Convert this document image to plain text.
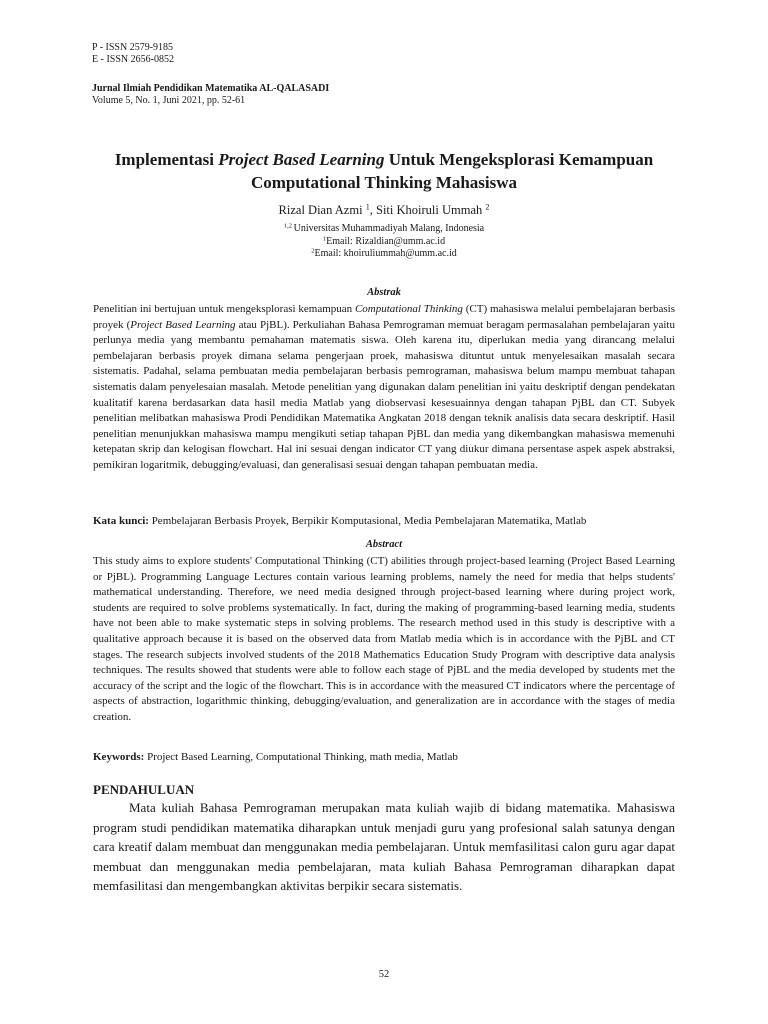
P - ISSN 2579-9185
E - ISSN 2656-0852
Jurnal Ilmiah Pendidikan Matematika AL-QALASADI
Volume 5, No. 1, Juni 2021, pp. 52-61
Implementasi Project Based Learning Untuk Mengeksplorasi Kemampuan Computational Thinking Mahasiswa
Rizal Dian Azmi $^1$, Siti Khoiruli Ummah $^2$
$^{1,2}$ Universitas Muhammadiyah Malang, Indonesia
$^1$Email: Rizaldian@umm.ac.id
$^2$Email: khoiruliummah@umm.ac.id
Abstrak

Penelitian ini bertujuan untuk mengeksplorasi kemampuan Computational Thinking (CT) mahasiswa melalui pembelajaran berbasis proyek (Project Based Learning atau PjBL). Perkuliahan Bahasa Pemrograman memuat beragam permasalahan pembelajaran yaitu perlunya media yang membantu pemahaman matematis siswa. Oleh karena itu, diperlukan media yang dirancang melalui pembelajaran berbasis proyek dimana selama pengerjaan proek, mahasiswa dituntut untuk menyelesaikan masalah secara sistematis. Padahal, selama pembuatan media pembelajaran berbasis pemrograman, mahasiswa belum mampu membuat tahapan sistematis dalam penyelesaian masalah. Metode penelitian yang digunakan dalam penelitian ini yaitu deskriptif dengan pendekatan kualitatif karena berdasarkan data hasil media Matlab yang diobservasi kesesuainnya dengan tahapan PjBL dan CT. Subyek penelitian melibatkan mahasiswa Prodi Pendidikan Matematika Angkatan 2018 dengan teknik analisis data secara deskriptif. Hasil penelitian menunjukkan mahasiswa mampu mengikuti setiap tahapan PjBL dan media yang dikembangkan mahasiswa memenuhi ketepatan skrip dan kelogisan flowchart. Hal ini sesuai dengan indicator CT yang diukur dimana persentase aspek aspek abstraksi, pemikiran logaritmik, debugging/evaluasi, dan generalisasi sesuai dengan tahapan pembuatan media.

Kata kunci: Pembelajaran Berbasis Proyek, Berpikir Komputasional, Media Pembelajaran Matematika, Matlab
Abstract

This study aims to explore students' Computational Thinking (CT) abilities through project-based learning (Project Based Learning or PjBL). Programming Language Lectures contain various learning problems, namely the need for media that helps students' mathematical understanding. Therefore, we need media designed through project-based learning where during project work, students are required to solve problems systematically. In fact, during the making of programming-based learning media, students have not been able to make systematic steps in solving problems. The research method used in this study is descriptive with a qualitative approach because it is based on the observed data from Matlab media which is in accordance with the PjBL and CT stages. The research subjects involved students of the 2018 Mathematics Education Study Program with descriptive data analysis techniques. The results showed that students were able to follow each stage of PjBL and the media developed by students met the accuracy of the script and the logic of the flowchart. This is in accordance with the measured CT indicators where the percentage of aspects of abstraction, logarithmic thinking, debugging/evaluation, and generalization are in accordance with the stages of media creation.

Keywords: Project Based Learning, Computational Thinking, math media, Matlab
PENDAHULUAN

Mata kuliah Bahasa Pemrograman merupakan mata kuliah wajib di bidang matematika. Mahasiswa program studi pendidikan matematika diharapkan untuk menjadi guru yang profesional salah satunya dengan cara kreatif dalam membuat dan menggunakan media pembelajaran. Untuk memfasilitasi calon guru agar dapat membuat dan menggunakan media pembelajaran, mata kuliah Bahasa Pemrograman diharapkan dapat memfasilitasi dan mengembangkan aktivitas berpikir secara sistematis.

52
